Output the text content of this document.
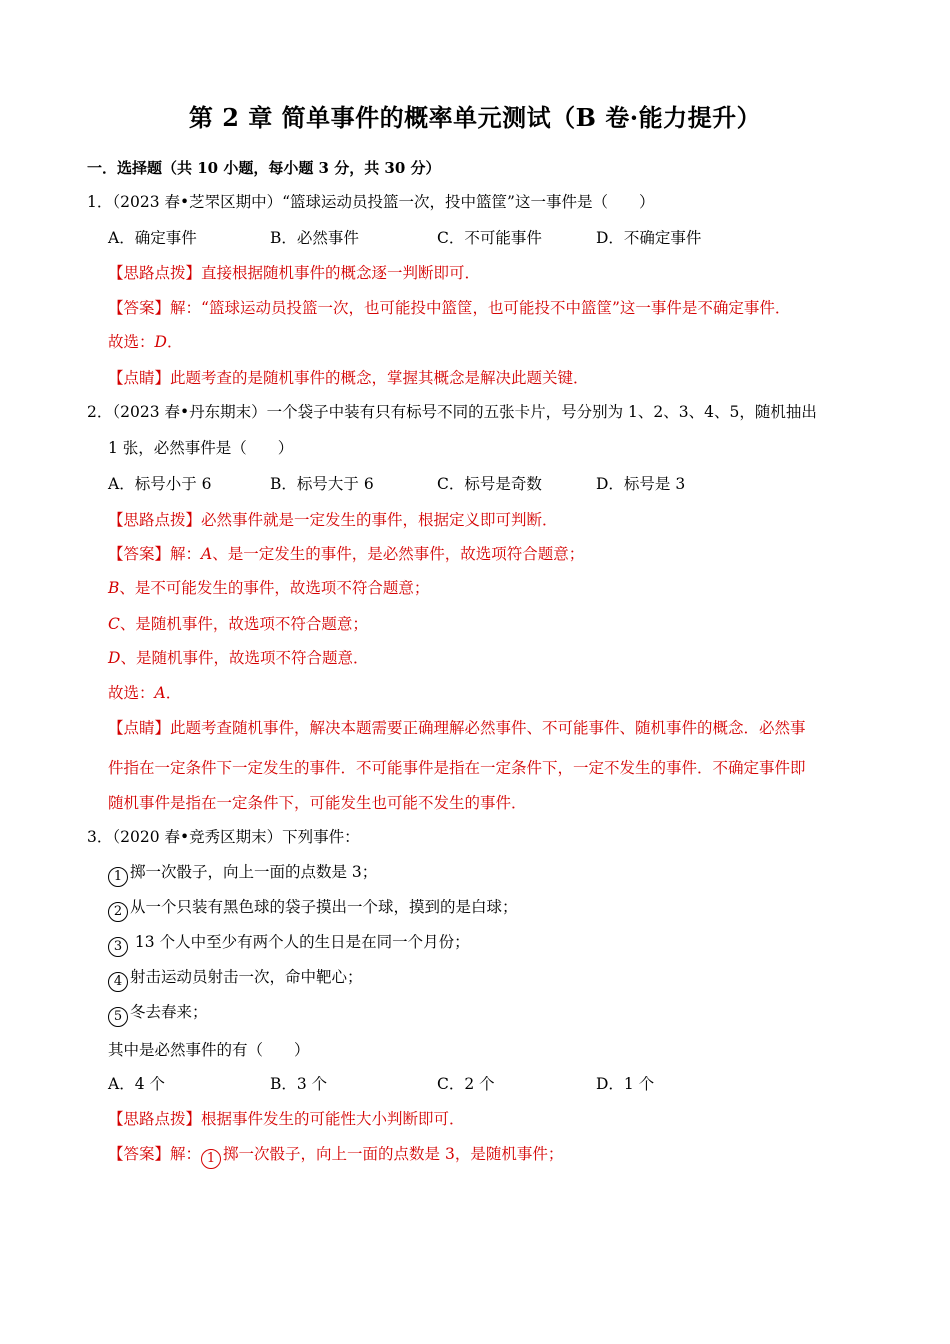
第 2 章 简单事件的概率单元测试（B 卷·能力提升）
一．选择题（共 10 小题，每小题 3 分，共 30 分）
1．（2023 春•芝罘区期中）“篮球运动员投篮一次，投中篮筐”这一事件是（　　）
A．确定事件	B．必然事件	C．不可能事件	D．不确定事件
【思路点拨】直接根据随机事件的概念逐一判断即可．
【答案】解：“篮球运动员投篮一次，也可能投中篮筐，也可能投不中篮筐”这一事件是不确定事件．
故选：D．
【点睛】此题考查的是随机事件的概念，掌握其概念是解决此题关键．
2．（2023 春•丹东期末）一个袋子中装有只有标号不同的五张卡片，号分别为 1、2、3、4、5，随机抽出
1 张，必然事件是（　　）
A．标号小于 6	B．标号大于 6	C．标号是奇数	D．标号是 3
【思路点拨】必然事件就是一定发生的事件，根据定义即可判断．
【答案】解：A、是一定发生的事件，是必然事件，故选项符合题意；
B、是不可能发生的事件，故选项不符合题意；
C、是随机事件，故选项不符合题意；
D、是随机事件，故选项不符合题意．
故选：A．
【点睛】此题考查随机事件，解决本题需要正确理解必然事件、不可能事件、随机事件的概念．必然事
件指在一定条件下一定发生的事件．不可能事件是指在一定条件下，一定不发生的事件．不确定事件即
随机事件是指在一定条件下，可能发生也可能不发生的事件．
3．（2020 春•竞秀区期末）下列事件：
1 掷一次骰子，向上一面的点数是 3；
2 从一个只装有黑色球的袋子摸出一个球，摸到的是白球；
3 13 个人中至少有两个人的生日是在同一个月份；
4 射击运动员射击一次，命中靶心；
5 冬去春来；
其中是必然事件的有（　　）
A．4 个	B．3 个	C．2 个	D．1 个
【思路点拨】根据事件发生的可能性大小判断即可．
【答案】解： 1 掷一次骰子，向上一面的点数是 3，是随机事件；
